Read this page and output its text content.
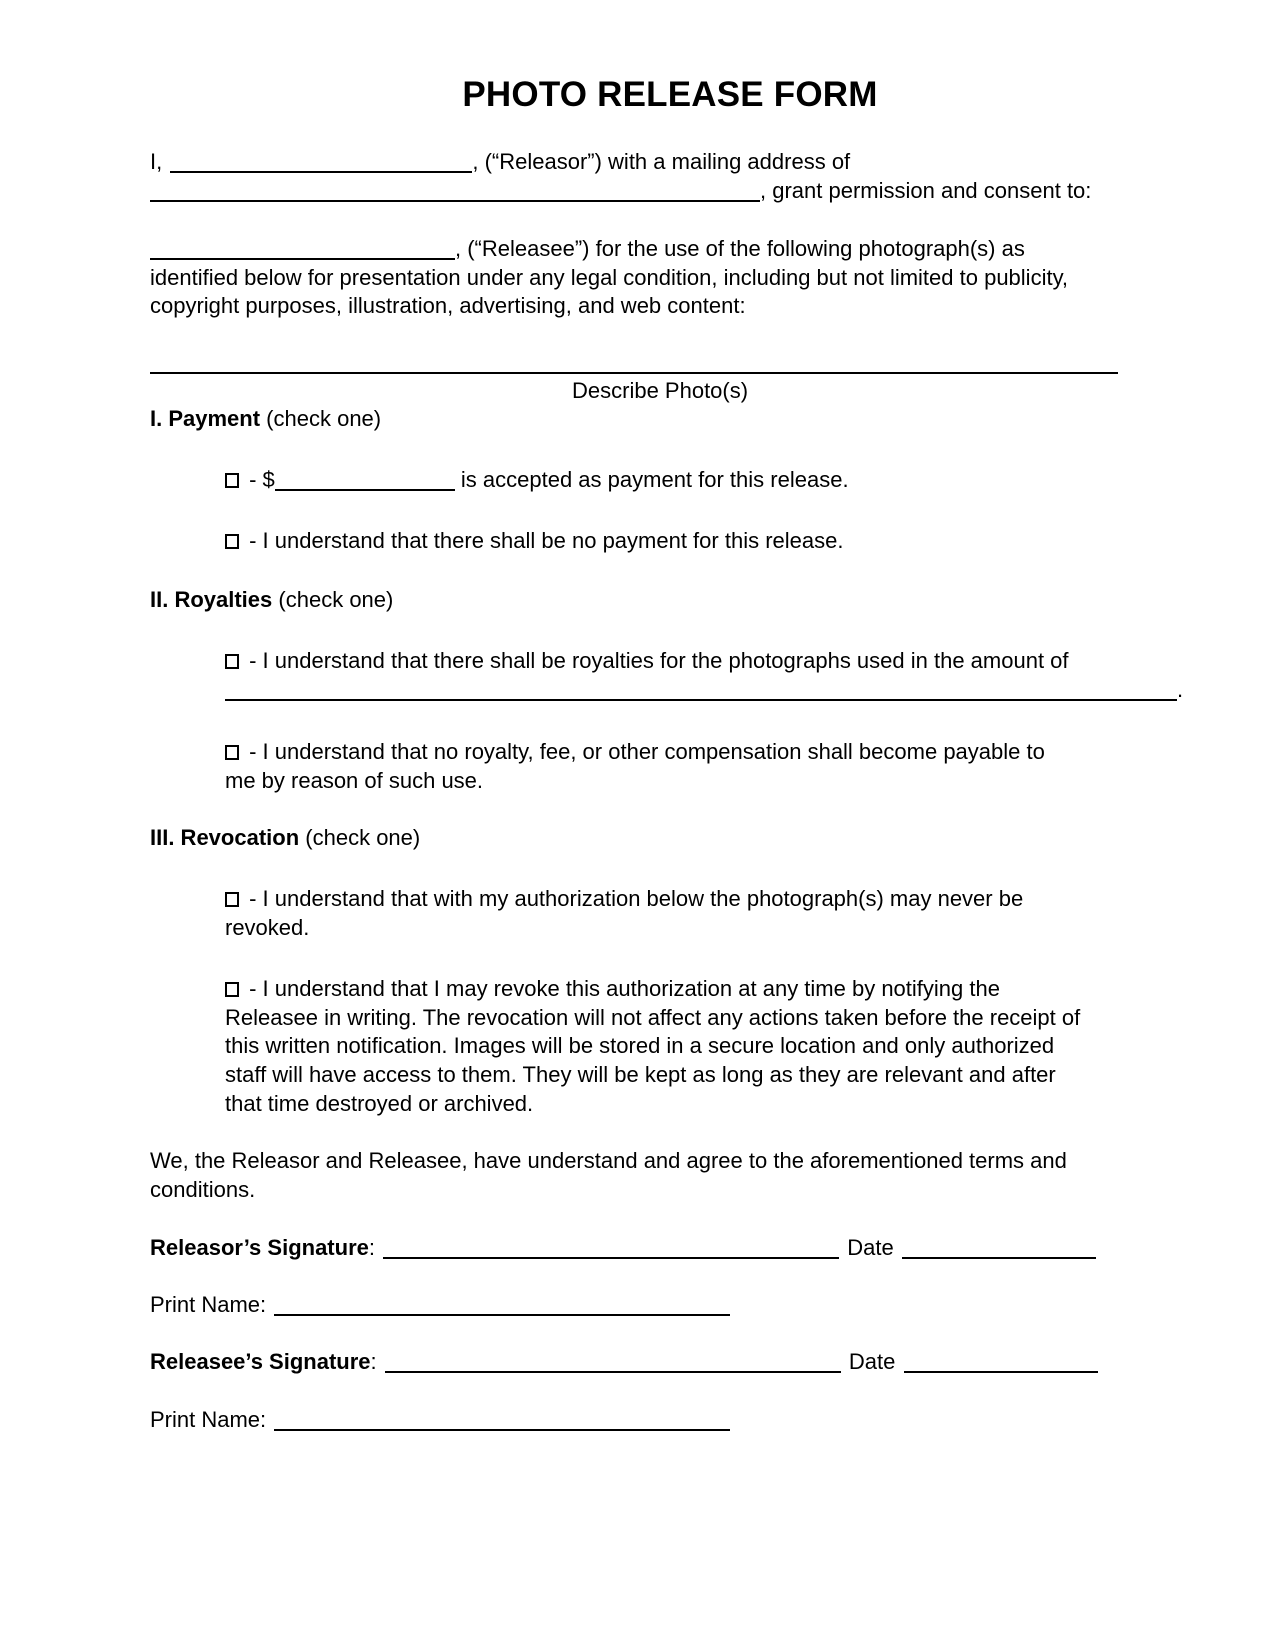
PHOTO RELEASE FORM
I,	, (“Releasor”) with a mailing address of
, grant permission and consent to:
, (“Releasee”) for the use of the following photograph(s) as
identified below for presentation under any legal condition, including but not limited to publicity,
copyright purposes, illustration, advertising, and web content:
Describe Photo(s)
I. Payment (check one)
- $	is accepted as payment for this release.
- I understand that there shall be no payment for this release.
II. Royalties (check one)
- I understand that there shall be royalties for the photographs used in the amount of
.
- I understand that no royalty, fee, or other compensation shall become payable to
me by reason of such use.
III. Revocation (check one)
- I understand that with my authorization below the photograph(s) may never be
revoked.
- I understand that I may revoke this authorization at any time by notifying the
Releasee in writing. The revocation will not affect any actions taken before the receipt of
this written notification. Images will be stored in a secure location and only authorized
staff will have access to them. They will be kept as long as they are relevant and after
that time destroyed or archived.
We, the Releasor and Releasee, have understand and agree to the aforementioned terms and
conditions.
Releasor’s Signature:	Date
Print Name:
Releasee’s Signature:	Date
Print Name:
